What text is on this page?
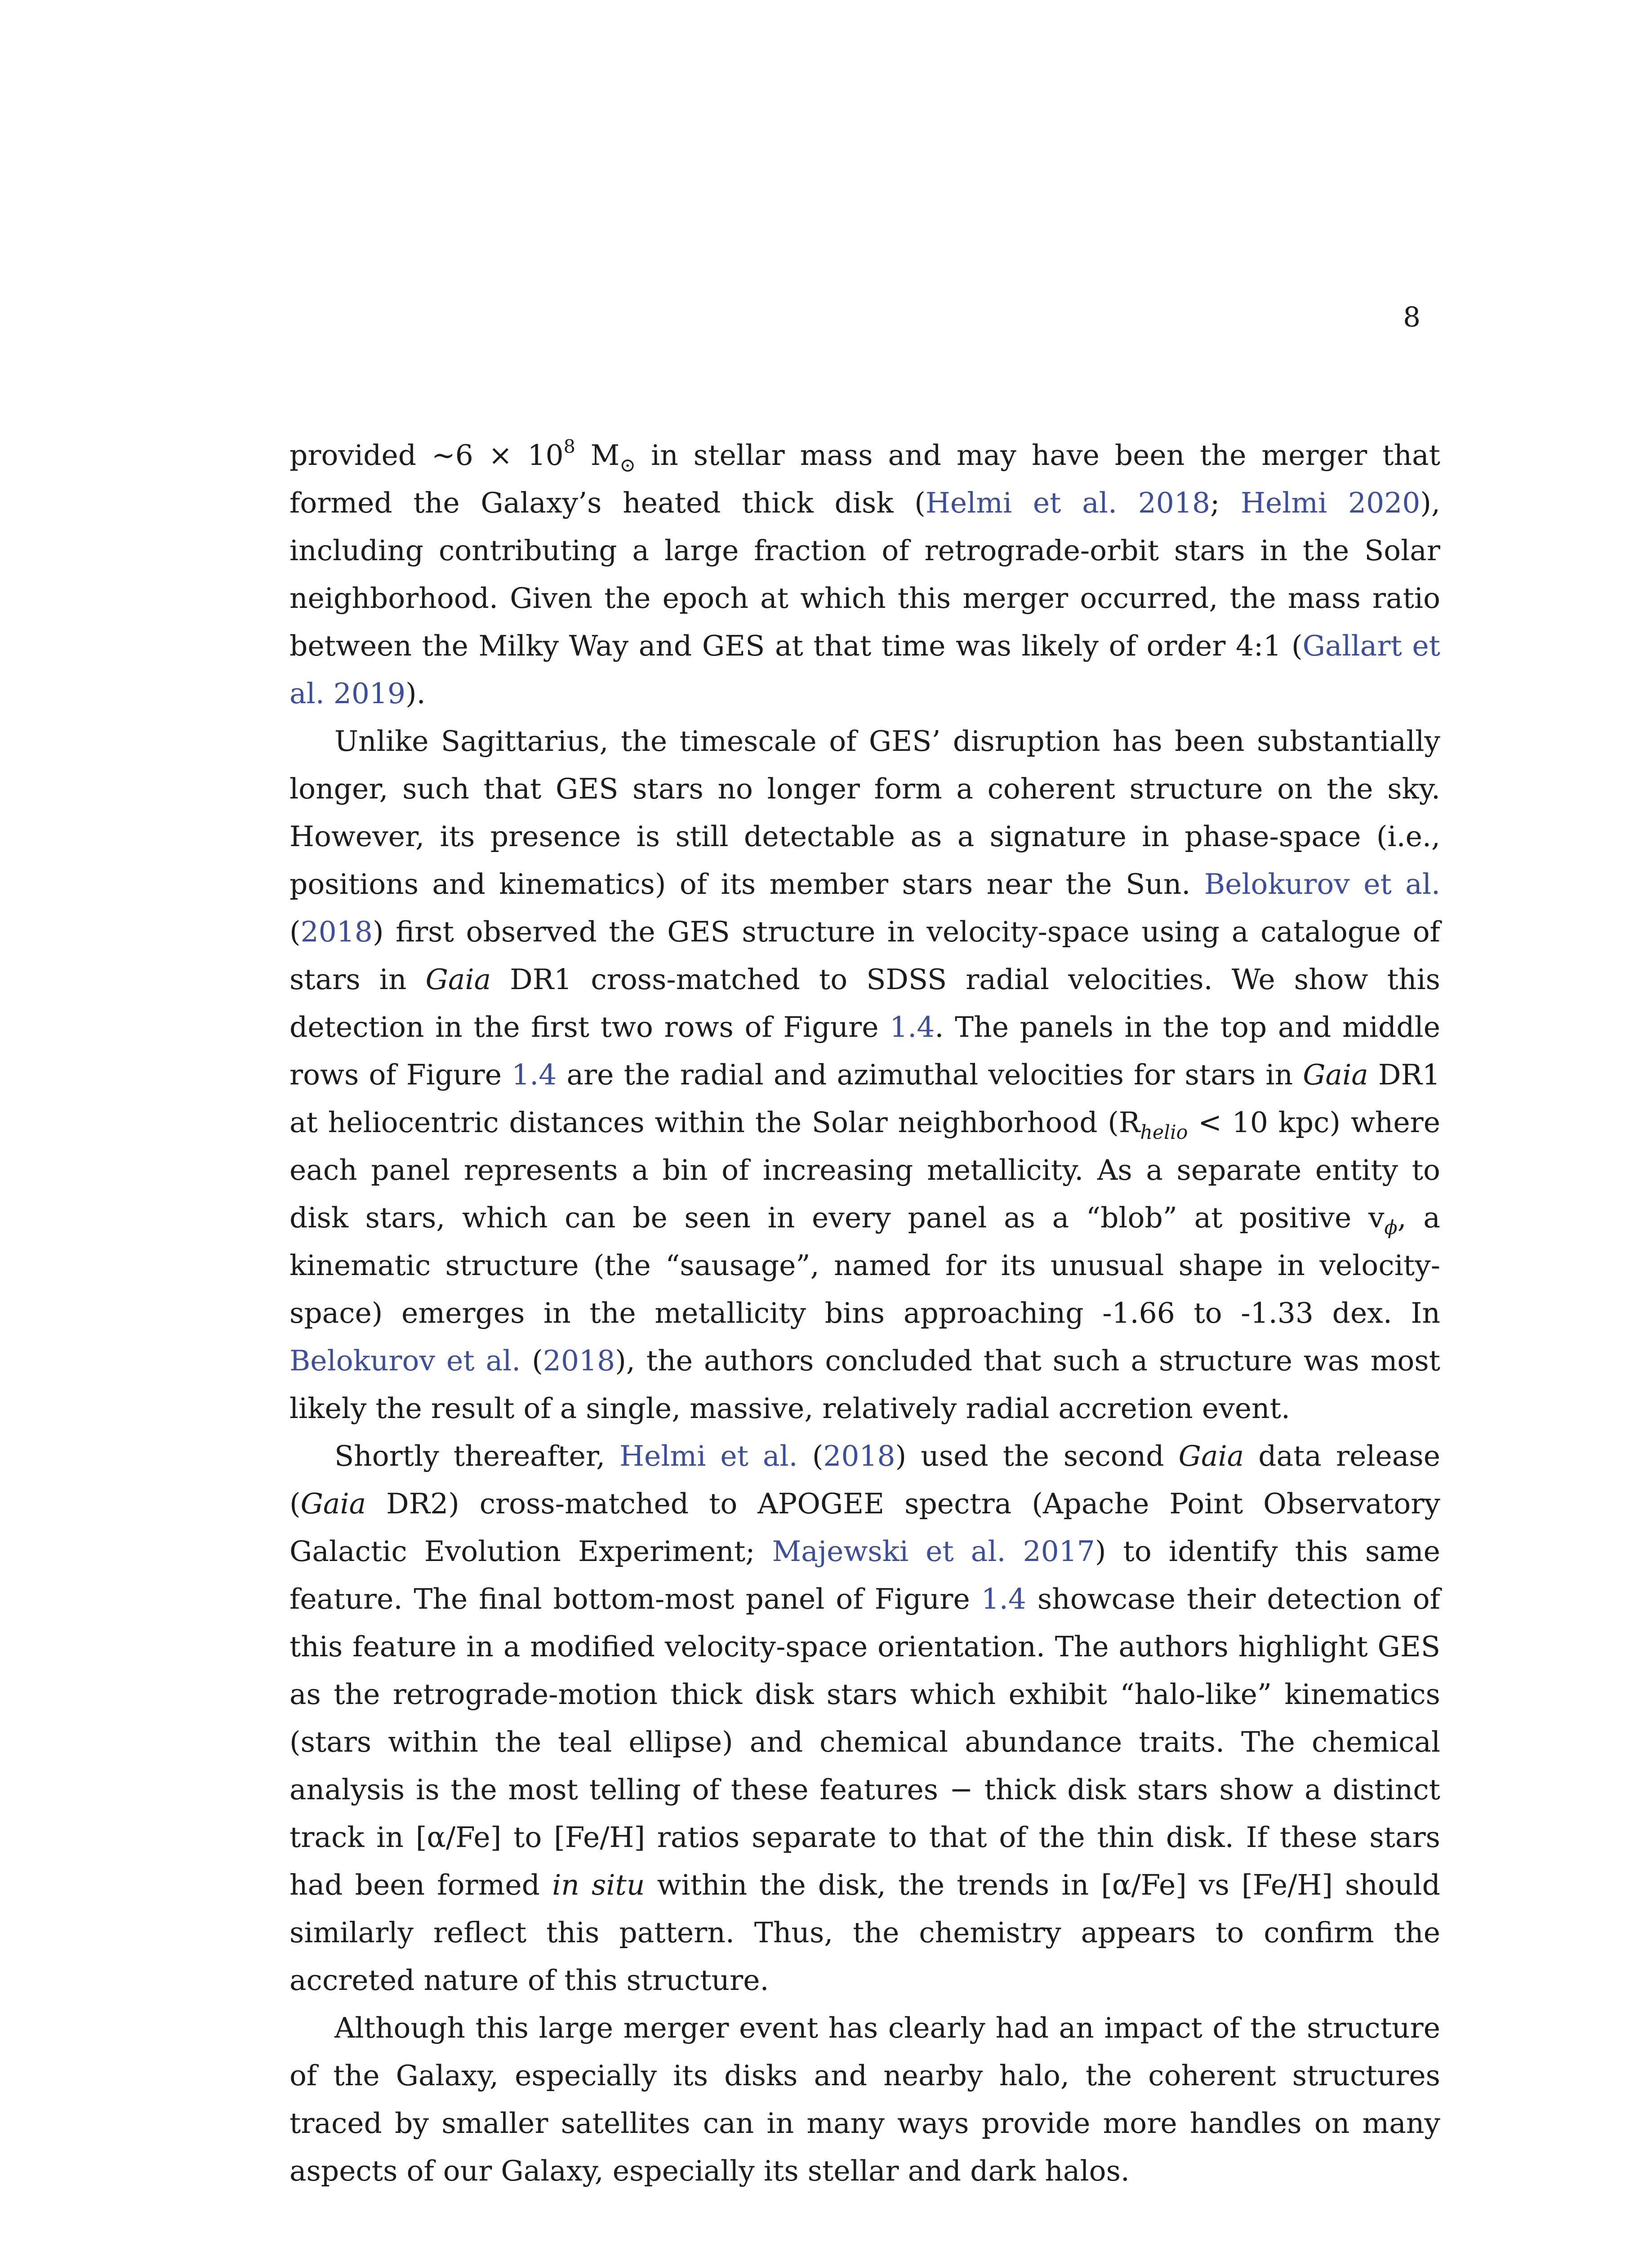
8

provided ∼6 × $10^8$ $M_⊙$ in stellar mass and may have been the merger that formed the Galaxy’s heated thick disk (Helmi et al. 2018; Helmi 2020), including contributing a large fraction of retrograde-orbit stars in the Solar neighborhood. Given the epoch at which this merger occurred, the mass ratio between the Milky Way and GES at that time was likely of order 4:1 (Gallart et al. 2019).

Unlike Sagittarius, the timescale of GES’ disruption has been substantially longer, such that GES stars no longer form a coherent structure on the sky. However, its presence is still detectable as a signature in phase-space (i.e., positions and kinematics) of its member stars near the Sun. Belokurov et al. (2018) first observed the GES structure in velocity-space using a catalogue of stars in Gaia DR1 cross-matched to SDSS radial velocities. We show this detection in the first two rows of Figure 1.4. The panels in the top and middle rows of Figure 1.4 are the radial and azimuthal velocities for stars in Gaia DR1 at heliocentric distances within the Solar neighborhood ($R_{helio} < 10$ kpc) where each panel represents a bin of increasing metallicity. As a separate entity to disk stars, which can be seen in every panel as a “blob” at positive $v_\phi$, a kinematic structure (the “sausage”, named for its unusual shape in velocity-space) emerges in the metallicity bins approaching -1.66 to -1.33 dex. In Belokurov et al. (2018), the authors concluded that such a structure was most likely the result of a single, massive, relatively radial accretion event.

Shortly thereafter, Helmi et al. (2018) used the second Gaia data release (Gaia DR2) cross-matched to APOGEE spectra (Apache Point Observatory Galactic Evolution Experiment; Majewski et al. 2017) to identify this same feature. The final bottom-most panel of Figure 1.4 showcase their detection of this feature in a modified velocity-space orientation. The authors highlight GES as the retrograde-motion thick disk stars which exhibit “halo-like” kinematics (stars within the teal ellipse) and chemical abundance traits. The chemical analysis is the most telling of these features − thick disk stars show a distinct track in [α/Fe] to [Fe/H] ratios separate to that of the thin disk. If these stars had been formed in situ within the disk, the trends in [α/Fe] vs [Fe/H] should similarly reflect this pattern. Thus, the chemistry appears to confirm the accreted nature of this structure.

Although this large merger event has clearly had an impact of the structure of the Galaxy, especially its disks and nearby halo, the coherent structures traced by smaller satellites can in many ways provide more handles on many aspects of our Galaxy, especially its stellar and dark halos.
